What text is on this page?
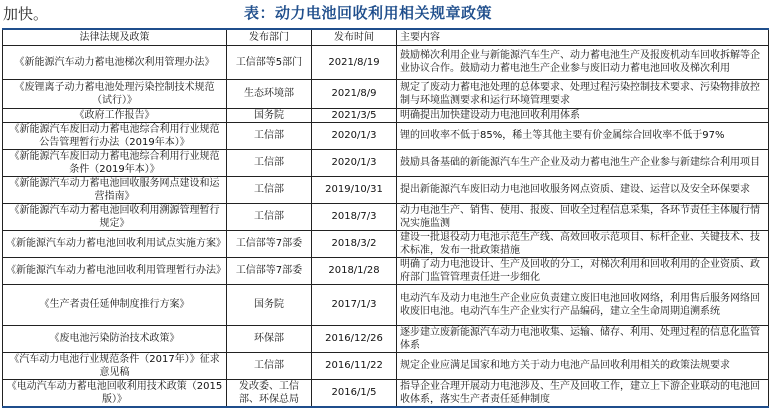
加快。	表：动力电池回收利用相关规章政策
法律法规及政策	发布部门	发布时间	主要内容
《新能源汽车动力蓄电池梯次利用管理办法》	工信部等5部门	2021/8/19	鼓励梯次利用企业与新能源汽车生产、动力蓄电池生产及报废机动车回收拆解等企业协议合作。鼓励动力蓄电池生产企业参与废旧动力蓄电池回收及梯次利用
《废锂离子动力蓄电池处理污染控制技术规范（试行）》	生态环境部	2021/8/9	规定了废动力蓄电池处理的总体要求、处理过程污染控制技术要求、污染物排放控制与环境监测要求和运行环境管理要求
《政府工作报告》	国务院	2021/3/5	明确提出加快建设动力电池回收利用体系
《新能源汽车废旧动力蓄电池综合利用行业规范公告管理暂行办法（2019年本）》	工信部	2020/1/3	锂的回收率不低于85%，稀土等其他主要有价金属综合回收率不低于97%
《新能源汽车废旧动力蓄电池综合利用行业规范条件（2019年本）》	工信部	2020/1/3	鼓励具备基础的新能源汽车生产企业及动力蓄电池生产企业参与新建综合利用项目
《新能源汽车动力蓄电池回收服务网点建设和运营指南》	工信部	2019/10/31	提出新能源汽车废旧动力电池回收服务网点资质、建设、运营以及安全环保要求
《新能源汽车动力蓄电池回收利用溯源管理暂行规定》	工信部	2018/7/3	动力电池生产、销售、使用、报废、回收全过程信息采集，各环节责任主体履行情况实施监测
《新能源汽车动力蓄电池回收利用试点实施方案》	工信部等7部委	2018/3/2	建设一批退役动力电池示范生产线、高效回收示范项目、标杆企业、关键技术、技术标准，发布一批政策措施
《新能源汽车动力蓄电池回收利用管理暂行办法》	工信部等7部委	2018/1/28	明确了动力电池设计、生产及回收的分工，对梯次利用和回收利用的企业资质、政府部门监管管理责任进一步细化
《生产者责任延伸制度推行方案》	国务院	2017/1/3	电动汽车及动力电池生产企业应负责建立废旧电池回收网络，利用售后服务网络回收废旧电池。电动汽车生产企业实行产品编码，建立全生命周期追溯系统
《废电池污染防治技术政策》	环保部	2016/12/26	逐步建立废新能源汽车动力电池收集、运输、储存、利用、处理过程的信息化监管体系
《汽车动力电池行业规范条件（2017年）》征求意见稿	工信部	2016/11/22	规定企业应满足国家和地方关于动力电池产品回收利用相关的政策法规要求
《电动汽车动力蓄电池回收利用技术政策（2015版）》	发改委、工信部、环保总局	2016/1/5	指导企业合理开展动力电池涉及、生产及回收工作，建立上下游企业联动的电池回收体系，落实生产者责任延伸制度
